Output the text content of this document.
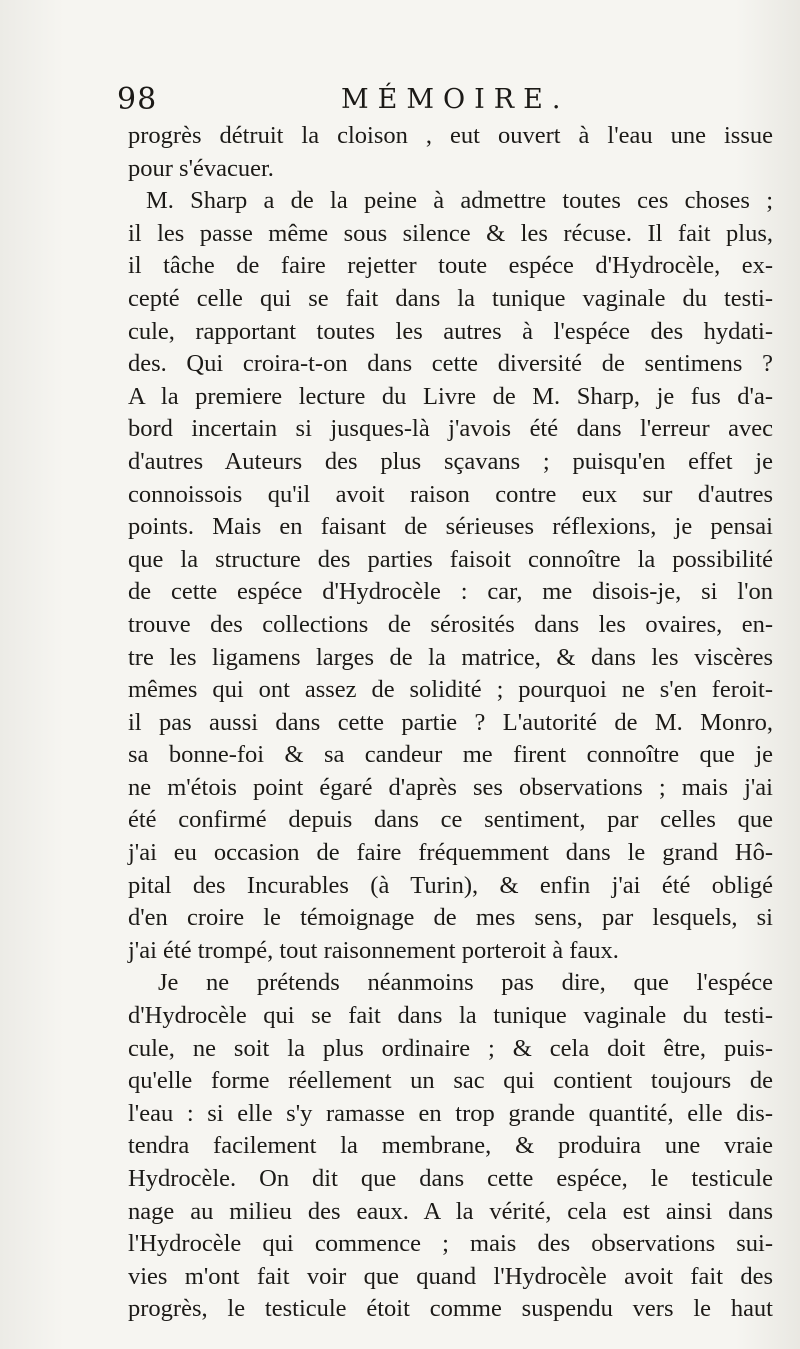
98	MÉMOIRE.
progrès détruit la cloison , eut ouvert à l'eau une issue
pour s'évacuer.
M. Sharp a de la peine à admettre toutes ces choses ;
il les passe même sous silence & les récuse. Il fait plus,
il tâche de faire rejetter toute espéce d'Hydrocèle, ex-
cepté celle qui se fait dans la tunique vaginale du testi-
cule, rapportant toutes les autres à l'espéce des hydati-
des. Qui croira-t-on dans cette diversité de sentimens ?
A la premiere lecture du Livre de M. Sharp, je fus d'a-
bord incertain si jusques-là j'avois été dans l'erreur avec
d'autres Auteurs des plus sçavans ; puisqu'en effet je
connoissois qu'il avoit raison contre eux sur d'autres
points. Mais en faisant de sérieuses réflexions, je pensai
que la structure des parties faisoit connoître la possibilité
de cette espéce d'Hydrocèle : car, me disois-je, si l'on
trouve des collections de sérosités dans les ovaires, en-
tre les ligamens larges de la matrice, & dans les viscères
mêmes qui ont assez de solidité ; pourquoi ne s'en feroit-
il pas aussi dans cette partie ? L'autorité de M. Monro,
sa bonne-foi & sa candeur me firent connoître que je
ne m'étois point égaré d'après ses observations ; mais j'ai
été confirmé depuis dans ce sentiment, par celles que
j'ai eu occasion de faire fréquemment dans le grand Hô-
pital des Incurables (à Turin), & enfin j'ai été obligé
d'en croire le témoignage de mes sens, par lesquels, si
j'ai été trompé, tout raisonnement porteroit à faux.
Je ne prétends néanmoins pas dire, que l'espéce
d'Hydrocèle qui se fait dans la tunique vaginale du testi-
cule, ne soit la plus ordinaire ; & cela doit être, puis-
qu'elle forme réellement un sac qui contient toujours de
l'eau : si elle s'y ramasse en trop grande quantité, elle dis-
tendra facilement la membrane, & produira une vraie
Hydrocèle. On dit que dans cette espéce, le testicule
nage au milieu des eaux. A la vérité, cela est ainsi dans
l'Hydrocèle qui commence ; mais des observations sui-
vies m'ont fait voir que quand l'Hydrocèle avoit fait des
progrès, le testicule étoit comme suspendu vers le haut
